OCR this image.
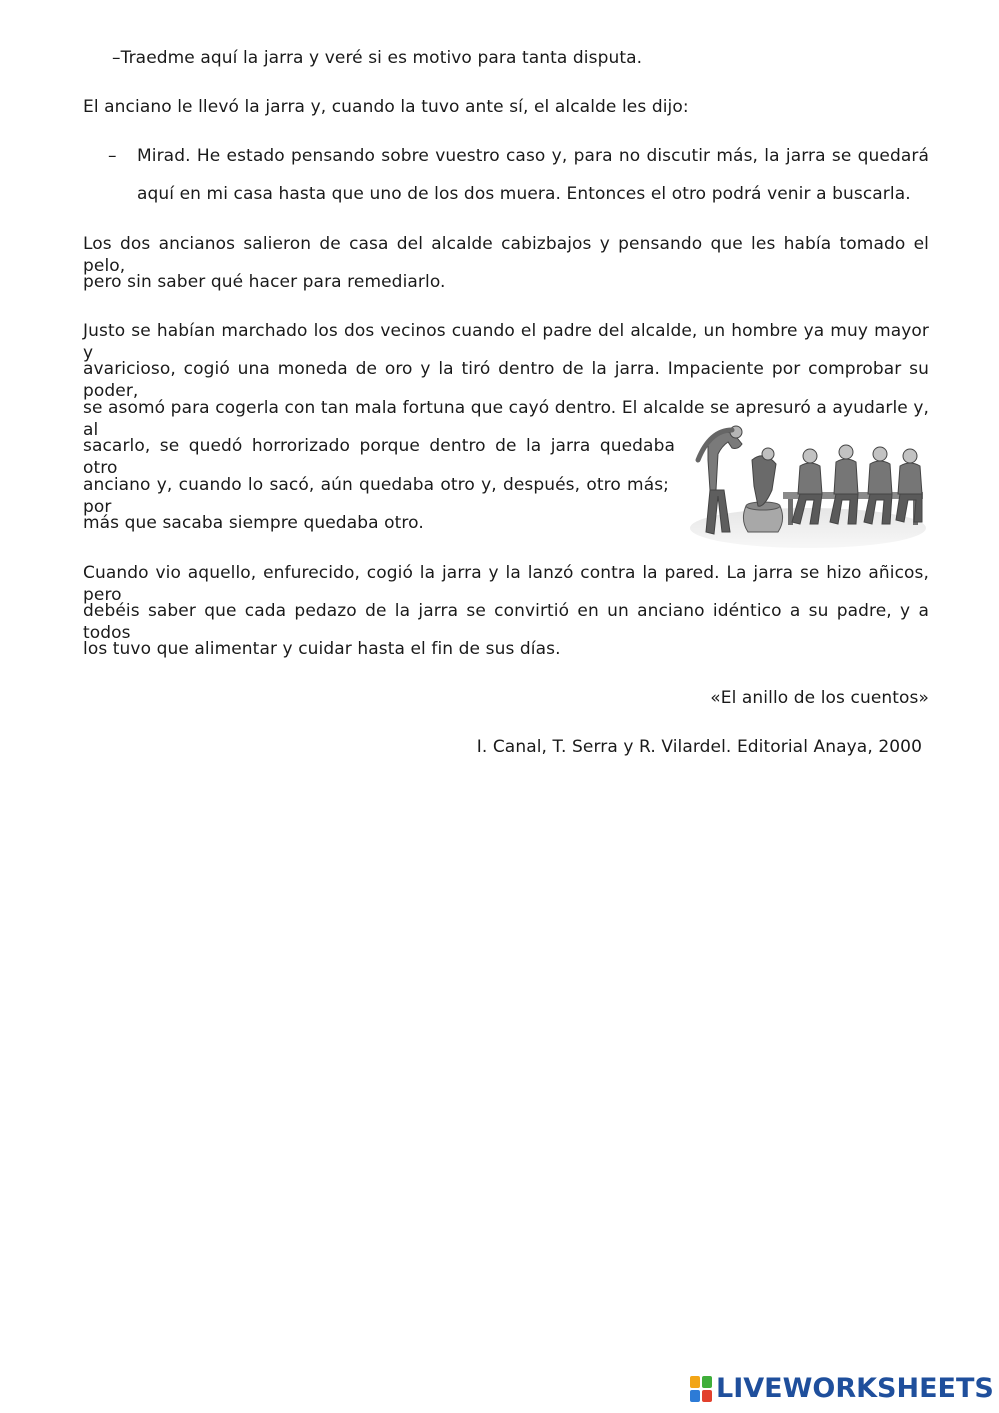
–Traedme aquí la jarra y veré si es motivo para tanta disputa.
El anciano le llevó la jarra y, cuando la tuvo ante sí, el alcalde les dijo:
– Mirad. He estado pensando sobre vuestro caso y, para no discutir más, la jarra se quedará
aquí en mi casa hasta que uno de los dos muera. Entonces el otro podrá venir a buscarla.
Los dos ancianos salieron de casa del alcalde cabizbajos y pensando que les había tomado el pelo,
pero sin saber qué hacer para remediarlo.
Justo se habían marchado los dos vecinos cuando el padre del alcalde, un hombre ya muy mayor y
avaricioso, cogió una moneda de oro y la tiró dentro de la jarra. Impaciente por comprobar su poder,
se asomó para cogerla con tan mala fortuna que cayó dentro. El alcalde se apresuró a ayudarle y, al
sacarlo, se quedó horrorizado porque dentro de la jarra quedaba otro
anciano y, cuando lo sacó, aún quedaba otro y, después, otro más; por
más que sacaba siempre quedaba otro.
Cuando vio aquello, enfurecido, cogió la jarra y la lanzó contra la pared. La jarra se hizo añicos, pero
debéis saber que cada pedazo de la jarra se convirtió en un anciano idéntico a su padre, y a todos
los tuvo que alimentar y cuidar hasta el fin de sus días.
«El anillo de los cuentos»
I. Canal, T. Serra y R. Vilardel. Editorial Anaya, 2000
LIVEWORKSHEETS
